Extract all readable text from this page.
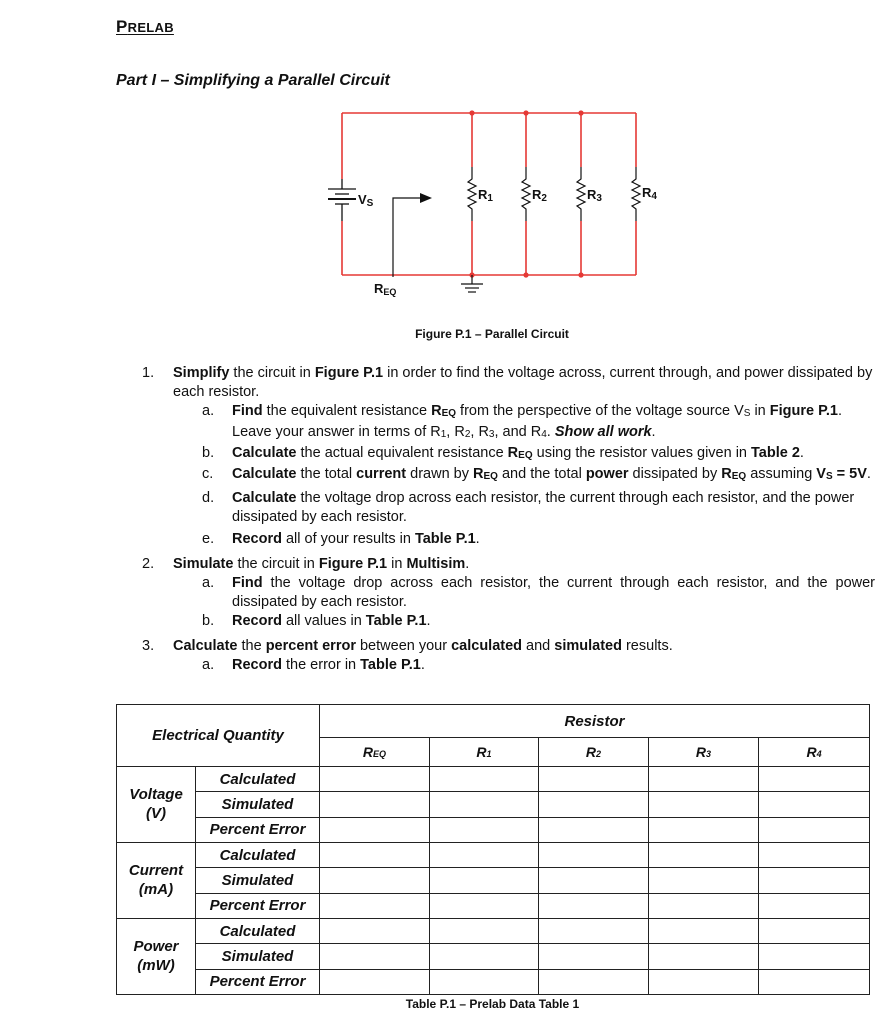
PRELAB
Part I – Simplifying a Parallel Circuit
VS
REQ
R1	R2	R3	R4
Figure P.1 – Parallel Circuit
1. Simplify the circuit in Figure P.1 in order to find the voltage across, current through, and power dissipated by each resistor.
a. Find the equivalent resistance REQ from the perspective of the voltage source $V_S$ in Figure P.1. Leave your answer in terms of $R_1$, $R_2$, $R_3$, and $R_4$. Show all work.
b. Calculate the actual equivalent resistance REQ using the resistor values given in Table 2.
c. Calculate the total current drawn by REQ and the total power dissipated by REQ assuming VS = 5V.
d. Calculate the voltage drop across each resistor, the current through each resistor, and the power dissipated by each resistor.
e. Record all of your results in Table P.1.
2. Simulate the circuit in Figure P.1 in Multisim.
a. Find the voltage drop across each resistor, the current through each resistor, and the power dissipated by each resistor.
b. Record all values in Table P.1.
3. Calculate the percent error between your calculated and simulated results.
a. Record the error in Table P.1.
Electrical Quantity		Resistor				
		REQ	R1	R2	R3	R4
Voltage
(V)	Calculated					
	Simulated					
	Percent Error					
Current
(mA)	Calculated					
	Simulated					
	Percent Error					
Power
(mW)	Calculated					
	Simulated					
	Percent Error					
Table P.1 – Prelab Data Table 1
